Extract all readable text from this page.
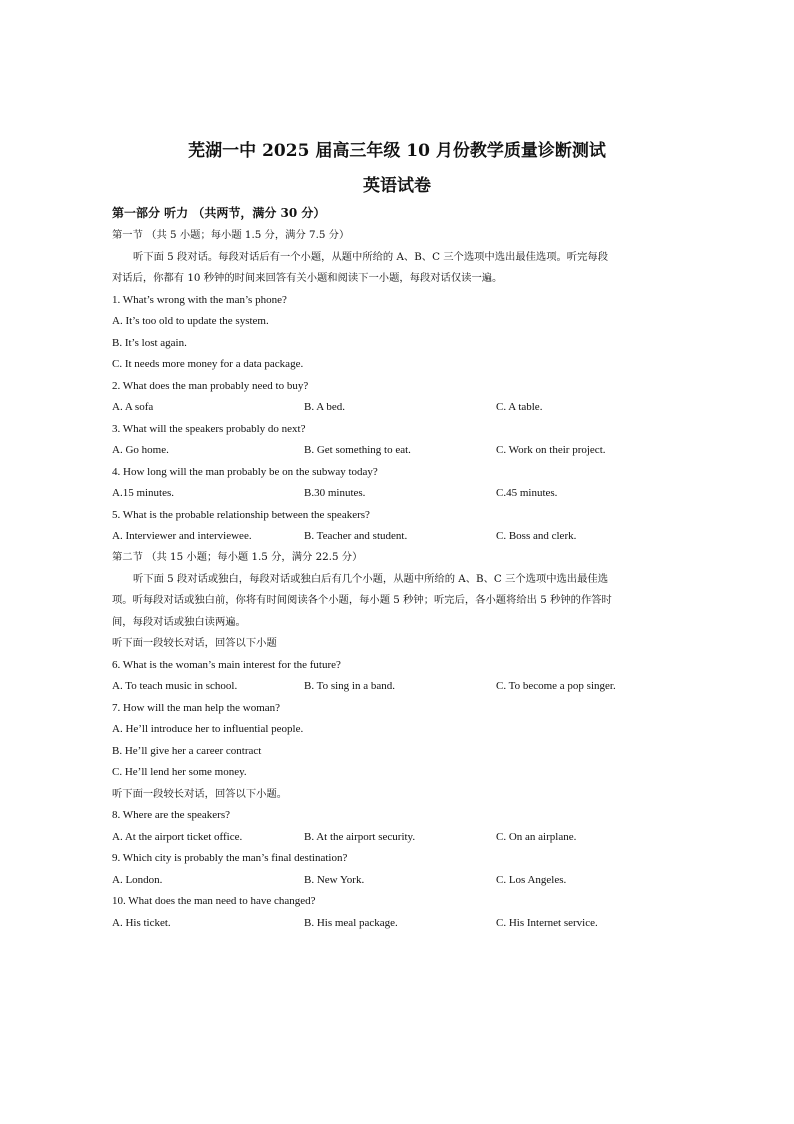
芜湖一中 2025 届高三年级 10 月份教学质量诊断测试
英语试卷
第一部分 听力 （共两节，满分 30 分）
第一节 （共 5 小题；每小题 1.5 分，满分 7.5 分）
听下面 5 段对话。每段对话后有一个小题，从题中所给的 A、B、C 三个选项中选出最佳选项。听完每段
对话后，你都有 10 秒钟的时间来回答有关小题和阅读下一小题，每段对话仅读一遍。
1. What’s wrong with the man’s phone?
A. It’s too old to update the system.
B. It’s lost again.
C. It needs more money for a data package.
2. What does the man probably need to buy?
A. A sofa	B. A bed.	C. A table.
3. What will the speakers probably do next?
A. Go home.	B. Get something to eat.	C. Work on their project.
4. How long will the man probably be on the subway today?
A.15 minutes.	B.30 minutes.	C.45 minutes.
5. What is the probable relationship between the speakers?
A. Interviewer and interviewee.	B. Teacher and student.	C. Boss and clerk.
第二节 （共 15 小题；每小题 1.5 分，满分 22.5 分）
听下面 5 段对话或独白，每段对话或独白后有几个小题，从题中所给的 A、B、C 三个选项中选出最佳选
项。听每段对话或独白前，你将有时间阅读各个小题，每小题 5 秒钟；听完后，各小题将给出 5 秒钟的作答时
间，每段对话或独白读两遍。
听下面一段较长对话，回答以下小题
6. What is the woman’s main interest for the future?
A. To teach music in school.	B. To sing in a band.	C. To become a pop singer.
7. How will the man help the woman?
A. He’ll introduce her to influential people.
B. He’ll give her a career contract
C. He’ll lend her some money.
听下面一段较长对话，回答以下小题。
8. Where are the speakers?
A. At the airport ticket office.	B. At the airport security.	C. On an airplane.
9. Which city is probably the man’s final destination?
A. London.	B. New York.	C. Los Angeles.
10. What does the man need to have changed?
A. His ticket.	B. His meal package.	C. His Internet service.
